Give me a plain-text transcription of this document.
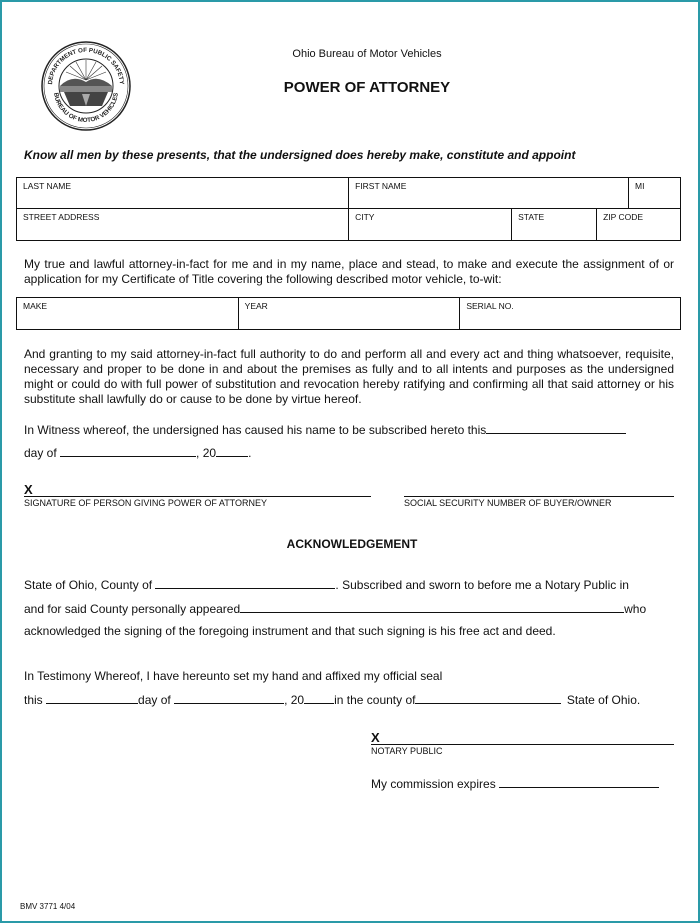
DEPARTMENT OF PUBLIC SAFETY
BUREAU OF MOTOR VEHICLES
Ohio Bureau of Motor Vehicles
POWER OF ATTORNEY
Know all men by these presents, that the undersigned does hereby make, constitute and appoint
LAST NAME	FIRST NAME			MI
STREET ADDRESS	CITY	STATE	ZIP CODE	
My true and lawful attorney-in-fact for me and in my name, place and stead, to make and execute the assignment of or application for my Certificate of Title covering the following described motor vehicle, to-wit:
MAKE	YEAR	SERIAL NO.
And granting to my said attorney-in-fact full authority to do and perform all and every act and thing whatsoever, requisite, necessary and proper to be done in and about the premises as fully and to all intents and purposes as the undersigned might or could do with full power of substitution and revocation hereby ratifying and confirming all that said attorney or his substitute shall lawfully do or cause to be done by virtue hereof.
In Witness whereof, the undersigned has caused his name to be subscribed hereto this
day of	, 20	.
X
SIGNATURE OF PERSON GIVING POWER OF ATTORNEY	SOCIAL SECURITY NUMBER OF BUYER/OWNER
ACKNOWLEDGEMENT
State of Ohio, County of	. Subscribed and sworn to before me a Notary Public in
and for said County personally appeared	who
acknowledged the signing of the foregoing instrument and that such signing is his free act and deed.
In Testimony Whereof, I have hereunto set my hand and affixed my official seal
this	day of	, 20	in the county of	State of Ohio.
X
NOTARY PUBLIC
My commission expires
BMV 3771 4/04
